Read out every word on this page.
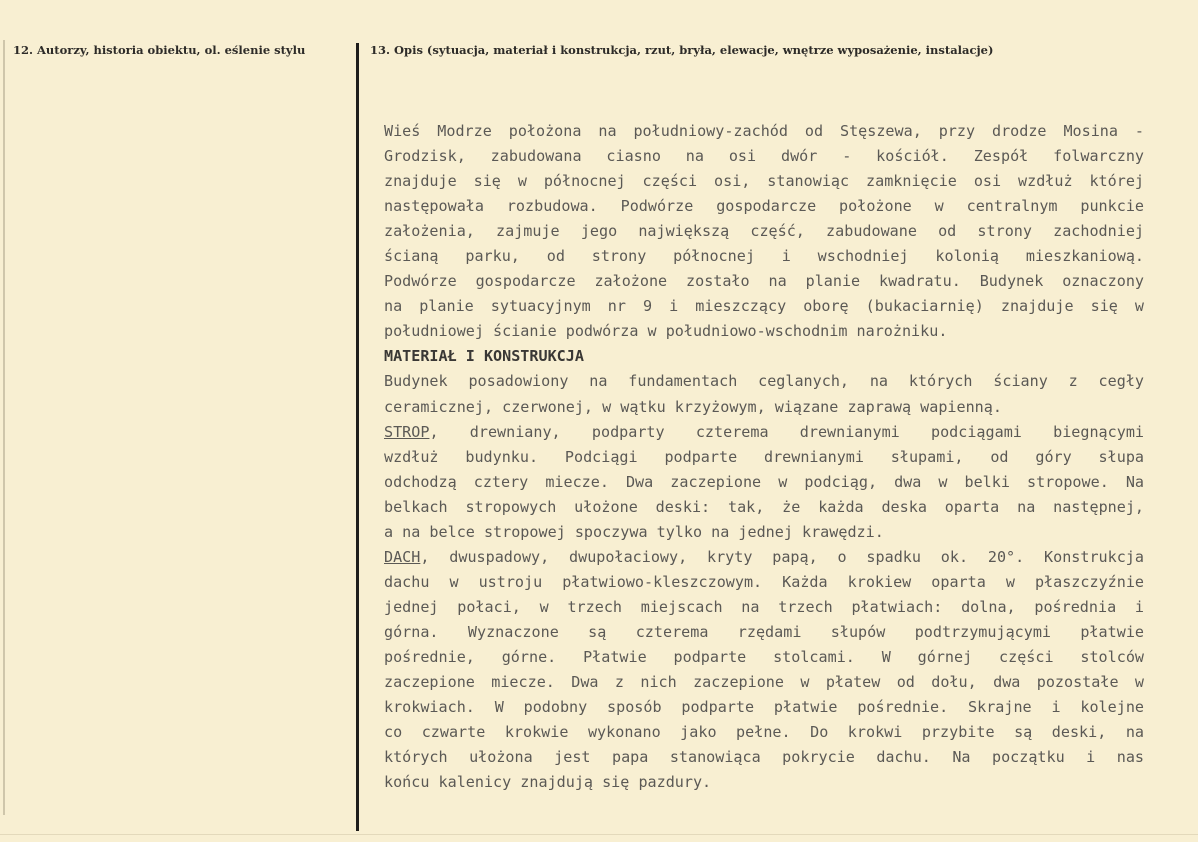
12. Autorzy, historia obiektu, ol. eślenie stylu	13. Opis (sytuacja, materiał i konstrukcja, rzut, bryła, elewacje, wnętrze wyposażenie, instalacje)
Wieś Modrze położona na południowy-zachód od Stęszewa, przy drodze Mosina -
Grodzisk, zabudowana ciasno na osi dwór - kościół. Zespół folwarczny
znajduje się w północnej części osi, stanowiąc zamknięcie osi wzdłuż której
następowała rozbudowa. Podwórze gospodarcze położone w centralnym punkcie
założenia, zajmuje jego największą część, zabudowane od strony zachodniej
ścianą parku, od strony północnej i wschodniej kolonią mieszkaniową.
Podwórze gospodarcze założone zostało na planie kwadratu. Budynek oznaczony
na planie sytuacyjnym nr 9 i mieszczący oborę (bukaciarnię) znajduje się w
południowej ścianie podwórza w południowo-wschodnim narożniku.
MATERIAŁ I KONSTRUKCJA
Budynek posadowiony na fundamentach ceglanych, na których ściany z cegły
ceramicznej, czerwonej, w wątku krzyżowym, wiązane zaprawą wapienną.
STROP, drewniany, podparty czterema drewnianymi podciągami biegnącymi
wzdłuż budynku. Podciągi podparte drewnianymi słupami, od góry słupa
odchodzą cztery miecze. Dwa zaczepione w podciąg, dwa w belki stropowe. Na
belkach stropowych ułożone deski: tak, że każda deska oparta na następnej,
a na belce stropowej spoczywa tylko na jednej krawędzi.
DACH, dwuspadowy, dwupołaciowy, kryty papą, o spadku ok. 20°. Konstrukcja
dachu w ustroju płatwiowo-kleszczowym. Każda krokiew oparta w płaszczyźnie
jednej połaci, w trzech miejscach na trzech płatwiach: dolna, pośrednia i
górna. Wyznaczone są czterema rzędami słupów podtrzymującymi płatwie
pośrednie, górne. Płatwie podparte stolcami. W górnej części stolców
zaczepione miecze. Dwa z nich zaczepione w płatew od dołu, dwa pozostałe w
krokwiach. W podobny sposób podparte płatwie pośrednie. Skrajne i kolejne
co czwarte krokwie wykonano jako pełne. Do krokwi przybite są deski, na
których ułożona jest papa stanowiąca pokrycie dachu. Na początku i nas
końcu kalenicy znajdują się pazdury.
